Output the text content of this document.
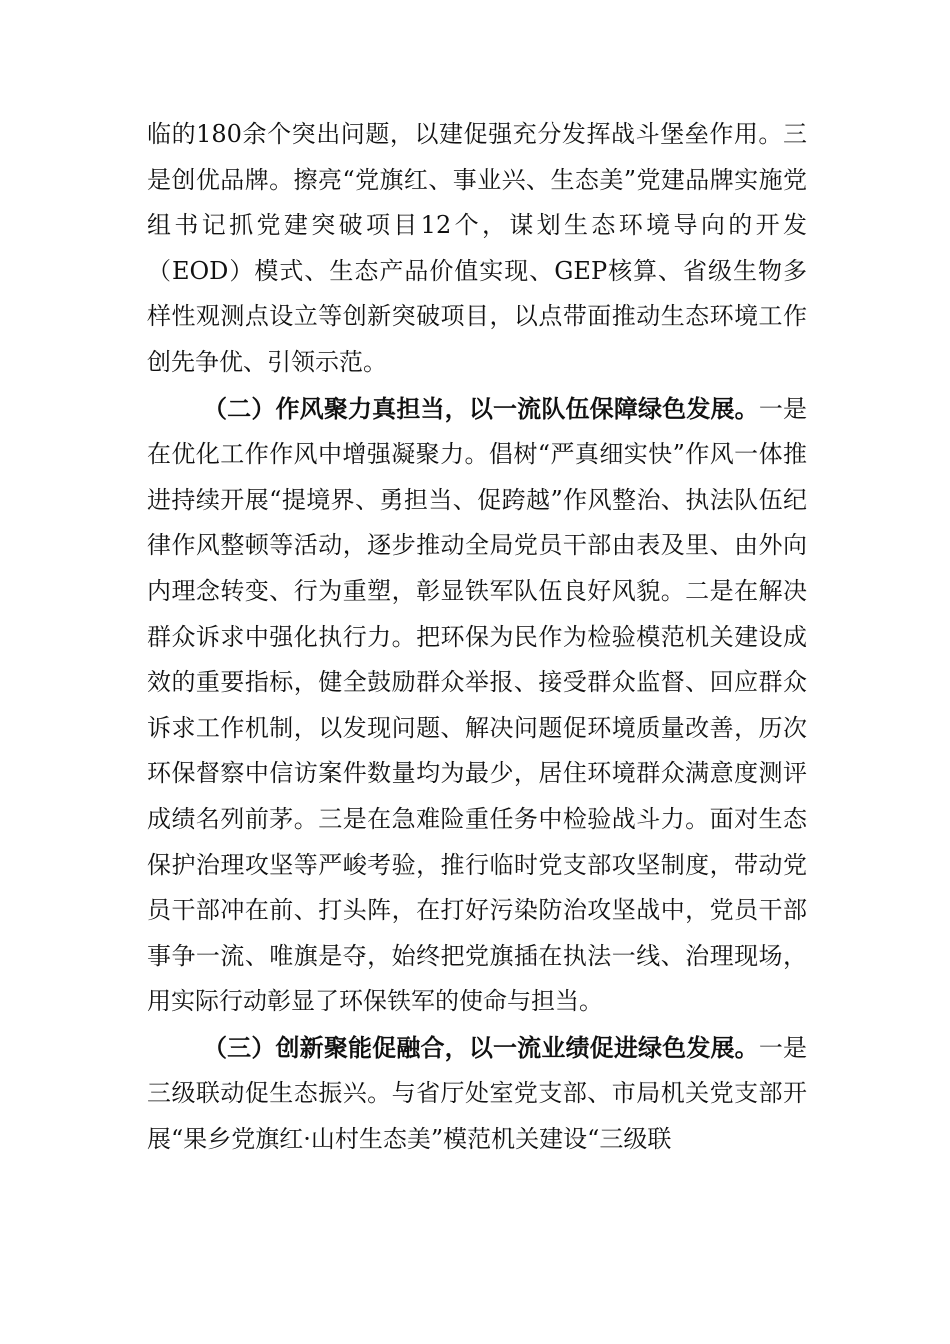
临的180余个突出问题，以建促强充分发挥战斗堡垒作用。三是创优品牌。擦亮“党旗红、事业兴、生态美”党建品牌实施党组书记抓党建突破项目12个，谋划生态环境导向的开发（EOD）模式、生态产品价值实现、GEP核算、省级生物多样性观测点设立等创新突破项目，以点带面推动生态环境工作创先争优、引领示范。

（二）作风聚力真担当，以一流队伍保障绿色发展。一是在优化工作作风中增强凝聚力。倡树“严真细实快”作风一体推进持续开展“提境界、勇担当、促跨越”作风整治、执法队伍纪律作风整顿等活动，逐步推动全局党员干部由表及里、由外向内理念转变、行为重塑，彰显铁军队伍良好风貌。二是在解决群众诉求中强化执行力。把环保为民作为检验模范机关建设成效的重要指标，健全鼓励群众举报、接受群众监督、回应群众诉求工作机制，以发现问题、解决问题促环境质量改善，历次环保督察中信访案件数量均为最少，居住环境群众满意度测评成绩名列前茅。三是在急难险重任务中检验战斗力。面对生态保护治理攻坚等严峻考验，推行临时党支部攻坚制度，带动党员干部冲在前、打头阵，在打好污染防治攻坚战中，党员干部事争一流、唯旗是夺，始终把党旗插在执法一线、治理现场，用实际行动彰显了环保铁军的使命与担当。

（三）创新聚能促融合，以一流业绩促进绿色发展。一是三级联动促生态振兴。与省厅处室党支部、市局机关党支部开展“果乡党旗红·山村生态美”模范机关建设“三级联
